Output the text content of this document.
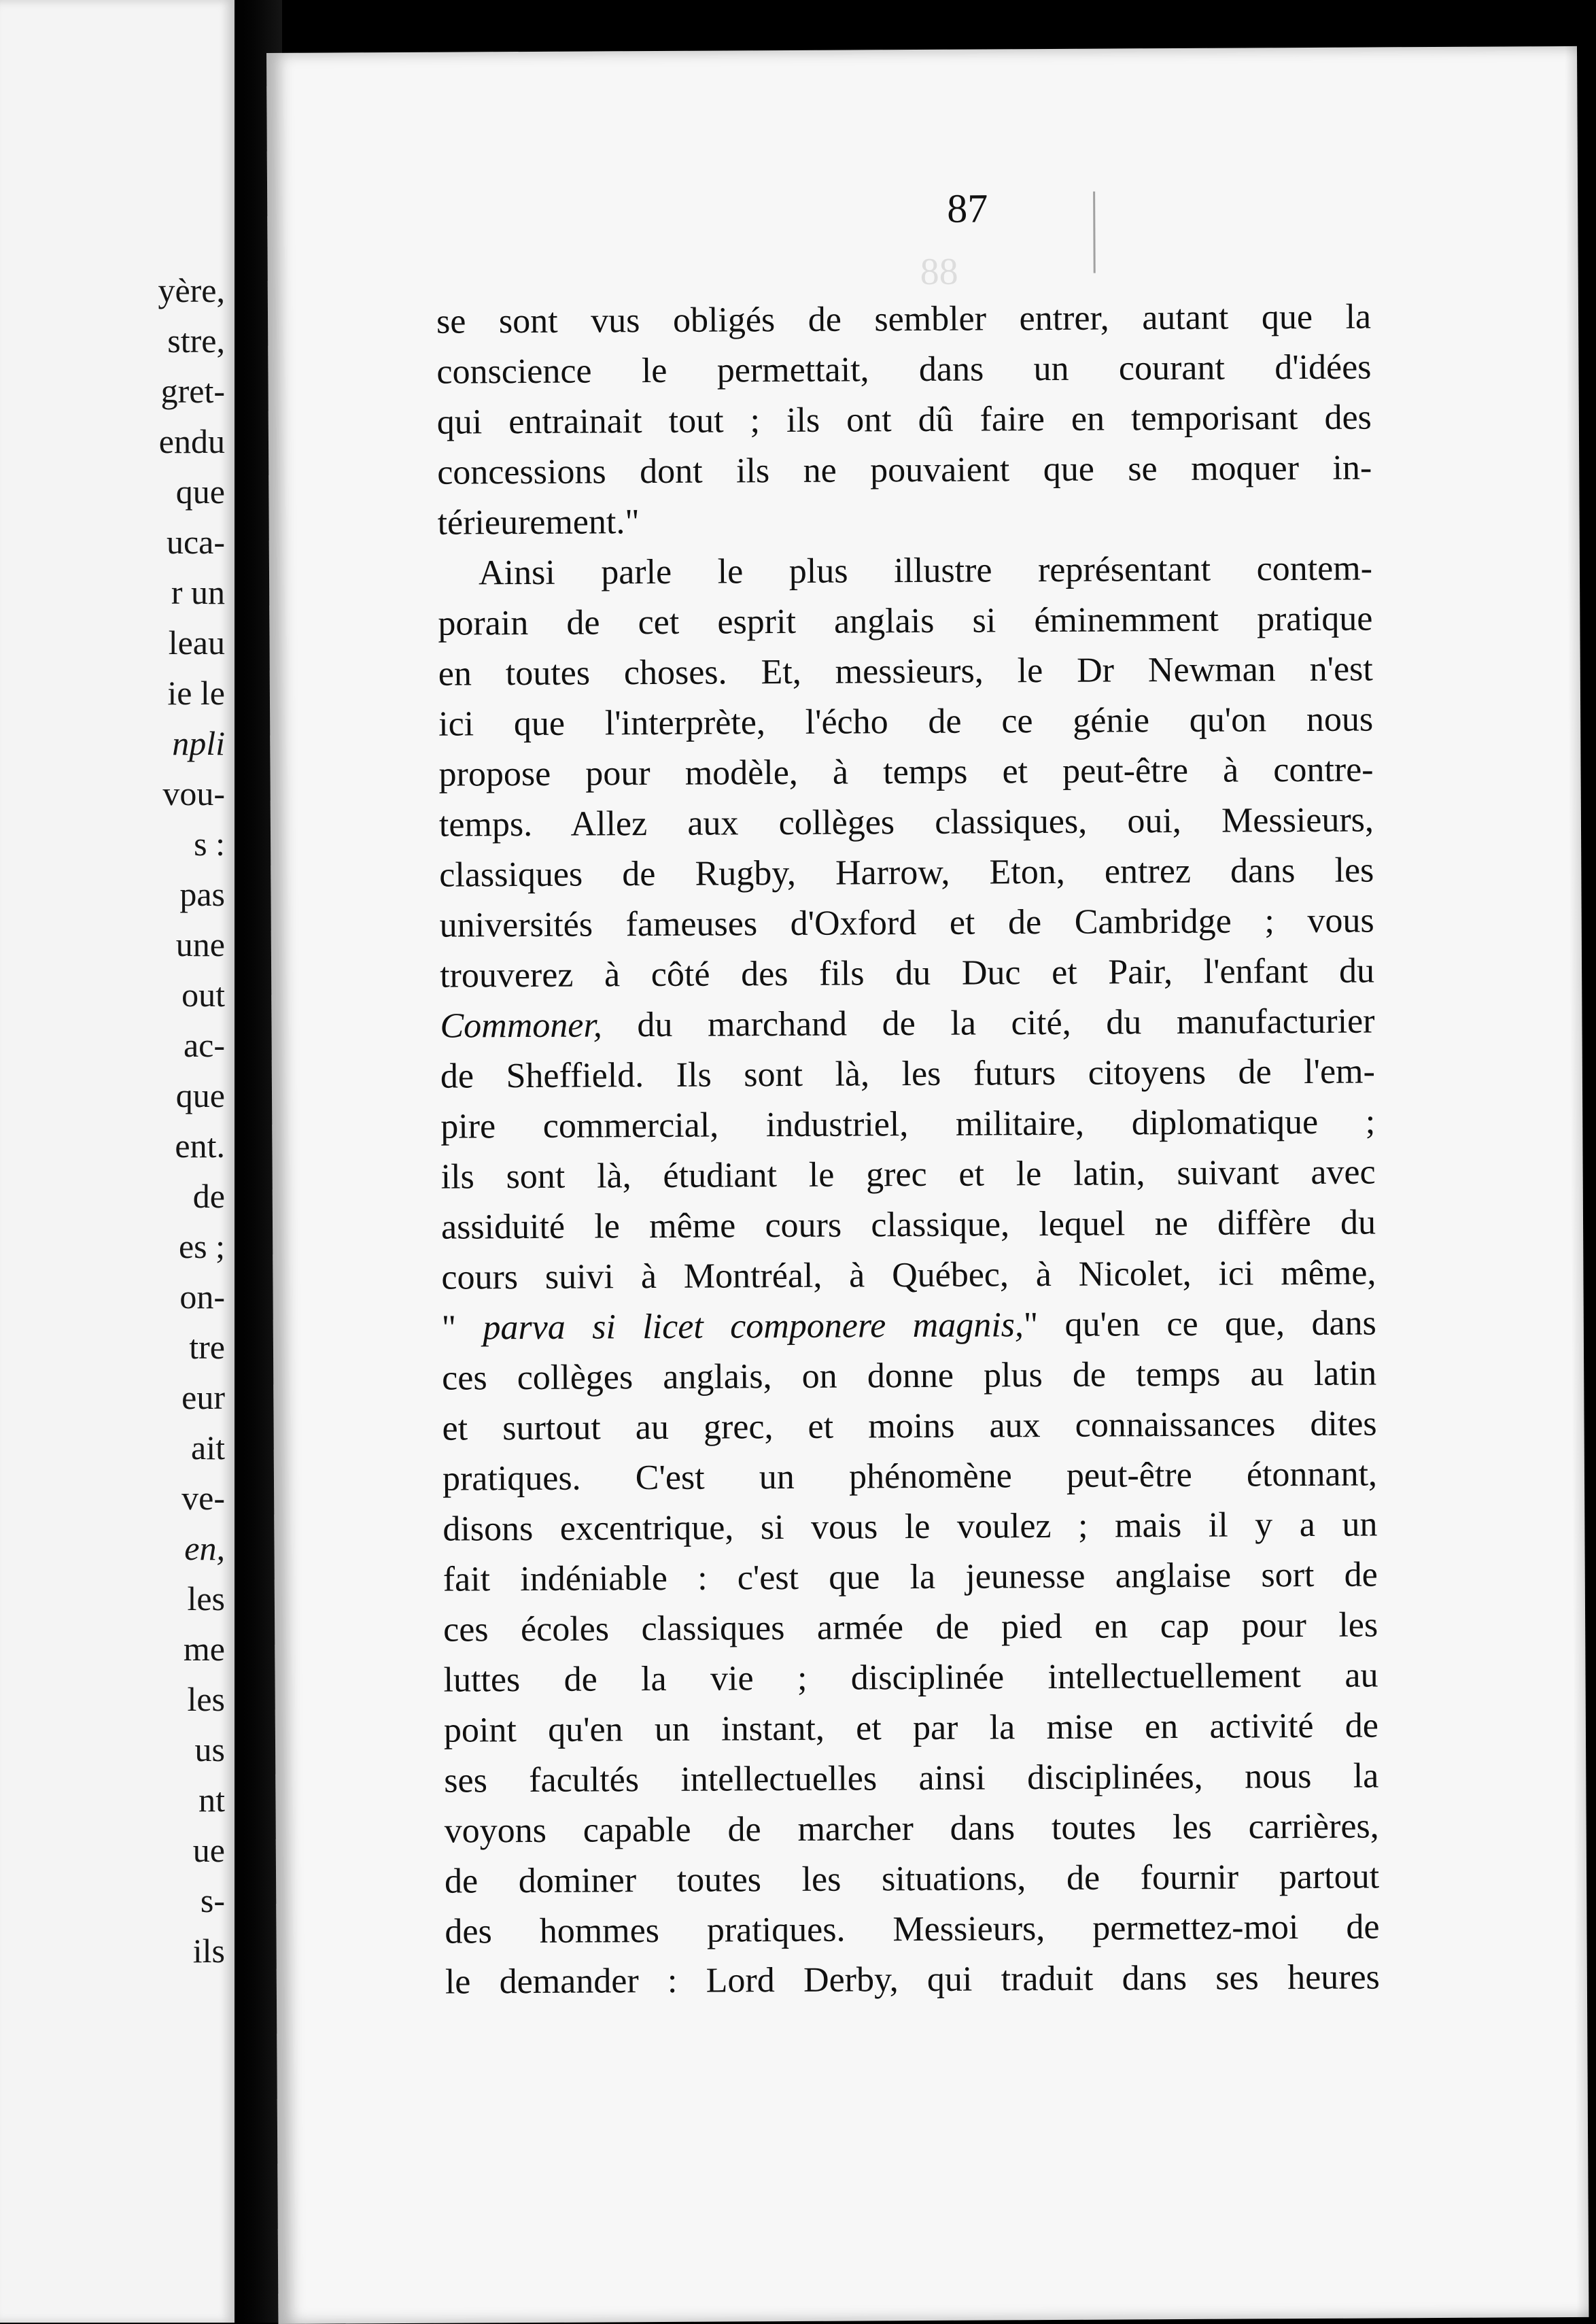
yère,
stre,
gret-
endu
que
uca-
r un
leau
ie le
npli
vou-
s :
pas
une
out
ac-
que
ent.
de
es ;
on-
tre
eur
ait
ve-
en,
les
me
les
us
nt
ue
s-
ils
87
88
se sont vus obligés de sembler entrer, autant que la
conscience le permettait, dans un courant d'idées
qui entrainait tout ; ils ont dû faire en temporisant des
concessions dont ils ne pouvaient que se moquer in-
térieurement."
Ainsi parle le plus illustre représentant contem-
porain de cet esprit anglais si éminemment pratique
en toutes choses. Et, messieurs, le Dr Newman n'est
ici que l'interprète, l'écho de ce génie qu'on nous
propose pour modèle, à temps et peut-être à contre-
temps. Allez aux collèges classiques, oui, Messieurs,
classiques de Rugby, Harrow, Eton, entrez dans les
universités fameuses d'Oxford et de Cambridge ; vous
trouverez à côté des fils du Duc et Pair, l'enfant du
Commoner, du marchand de la cité, du manufacturier
de Sheffield. Ils sont là, les futurs citoyens de l'em-
pire commercial, industriel, militaire, diplomatique ;
ils sont là, étudiant le grec et le latin, suivant avec
assiduité le même cours classique, lequel ne diffère du
cours suivi à Montréal, à Québec, à Nicolet, ici même,
" parva si licet componere magnis," qu'en ce que, dans
ces collèges anglais, on donne plus de temps au latin
et surtout au grec, et moins aux connaissances dites
pratiques. C'est un phénomène peut-être étonnant,
disons excentrique, si vous le voulez ; mais il y a un
fait indéniable : c'est que la jeunesse anglaise sort de
ces écoles classiques armée de pied en cap pour les
luttes de la vie ; disciplinée intellectuellement au
point qu'en un instant, et par la mise en activité de
ses facultés intellectuelles ainsi disciplinées, nous la
voyons capable de marcher dans toutes les carrières,
de dominer toutes les situations, de fournir partout
des hommes pratiques. Messieurs, permettez-moi de
le demander : Lord Derby, qui traduit dans ses heures
